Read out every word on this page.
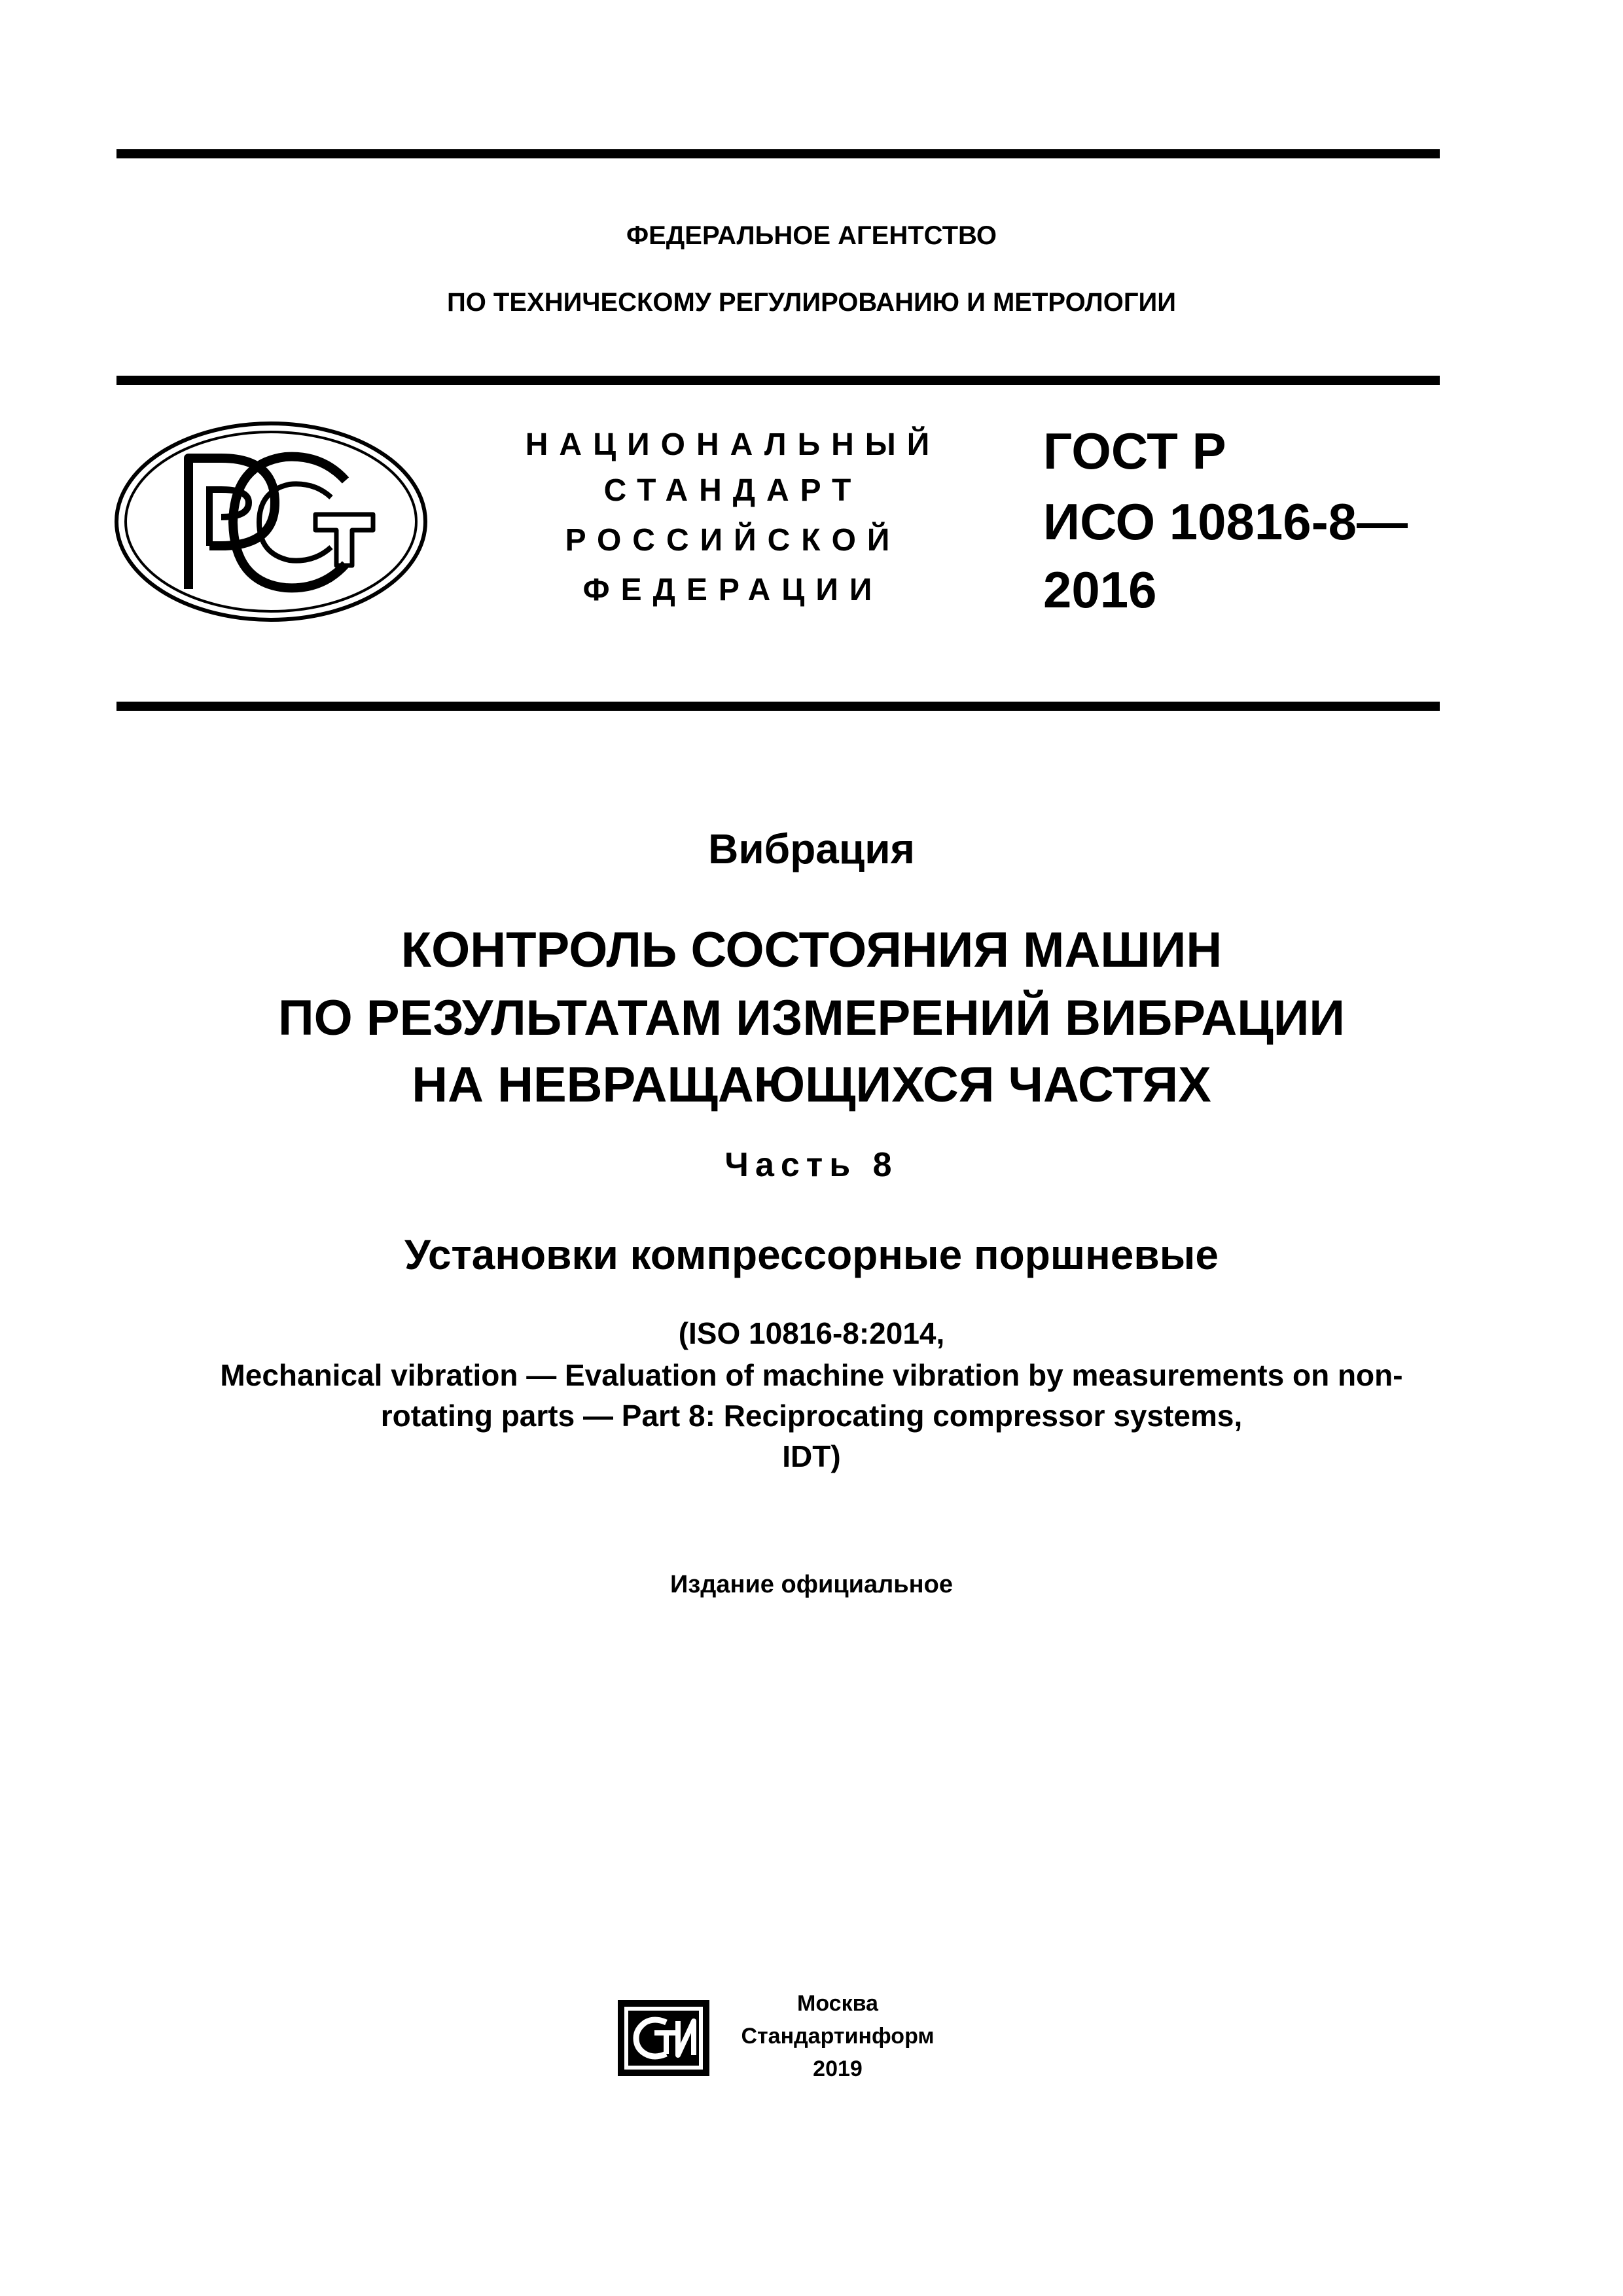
ФЕДЕРАЛЬНОЕ АГЕНТСТВО
ПО ТЕХНИЧЕСКОМУ РЕГУЛИРОВАНИЮ И МЕТРОЛОГИИ
НАЦИОНАЛЬНЫЙ
СТАНДАРТ
РОССИЙСКОЙ
ФЕДЕРАЦИИ
ГОСТ Р
ИСО 10816-8—
2016
Вибрация
КОНТРОЛЬ СОСТОЯНИЯ МАШИН
ПО РЕЗУЛЬТАТАМ ИЗМЕРЕНИЙ ВИБРАЦИИ
НА НЕВРАЩАЮЩИХСЯ ЧАСТЯХ
Часть 8
Установки компрессорные поршневые
(ISO 10816-8:2014,
Mechanical vibration — Evaluation of machine vibration by measurements on non-
rotating parts — Part 8: Reciprocating compressor systems,
IDT)
Издание официальное
Москва
Стандартинформ
2019
